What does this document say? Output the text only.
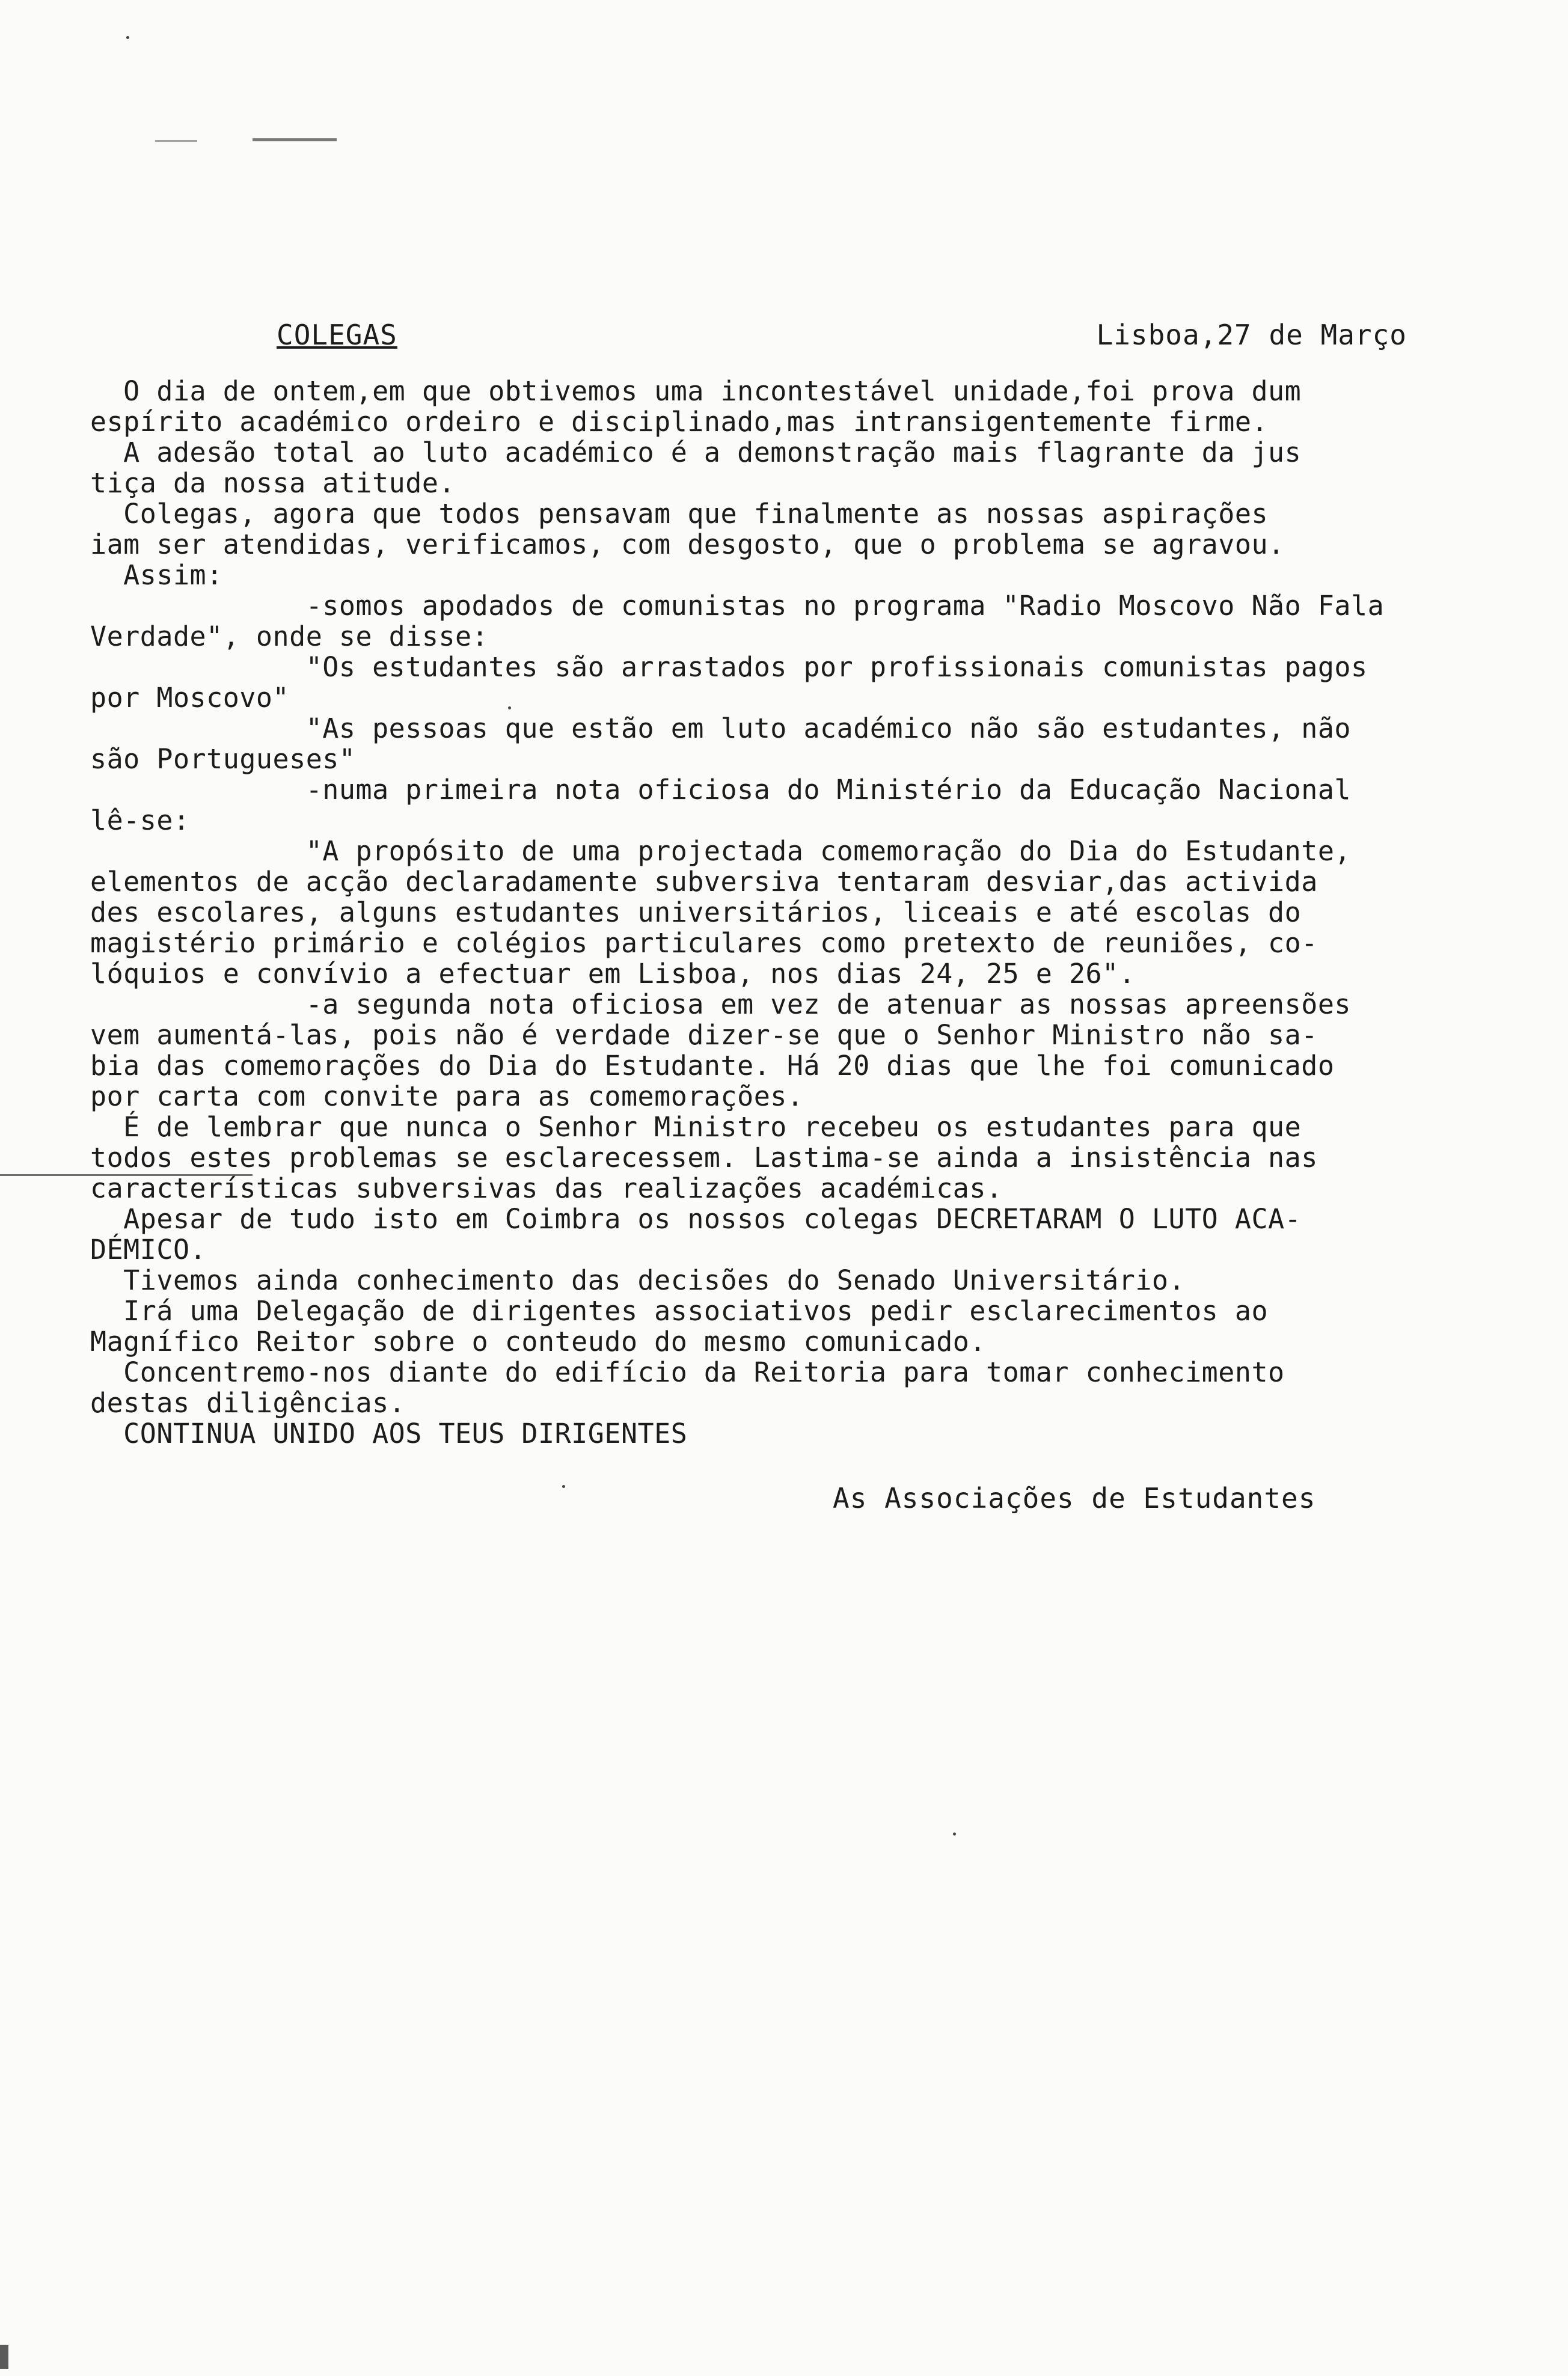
COLEGAS	Lisboa,27 de Março
O dia de ontem,em que obtivemos uma incontestável unidade,foi prova dum
espírito académico ordeiro e disciplinado,mas intransigentemente firme.
A adesão total ao luto académico é a demonstração mais flagrante da jus
tiça da nossa atitude.
Colegas, agora que todos pensavam que finalmente as nossas aspirações
iam ser atendidas, verificamos, com desgosto, que o problema se agravou.
Assim:
-somos apodados de comunistas no programa "Radio Moscovo Não Fala
Verdade", onde se disse:
"Os estudantes são arrastados por profissionais comunistas pagos
por Moscovo"
"As pessoas que estão em luto académico não são estudantes, não
são Portugueses"
-numa primeira nota oficiosa do Ministério da Educação Nacional
lê-se:
"A propósito de uma projectada comemoração do Dia do Estudante,
elementos de acção declaradamente subversiva tentaram desviar,das activida
des escolares, alguns estudantes universitários, liceais e até escolas do
magistério primário e colégios particulares como pretexto de reuniões, co-
lóquios e convívio a efectuar em Lisboa, nos dias 24, 25 e 26".
-a segunda nota oficiosa em vez de atenuar as nossas apreensões
vem aumentá-las, pois não é verdade dizer-se que o Senhor Ministro não sa-
bia das comemorações do Dia do Estudante. Há 20 dias que lhe foi comunicado
por carta com convite para as comemorações.
É de lembrar que nunca o Senhor Ministro recebeu os estudantes para que
todos estes problemas se esclarecessem. Lastima-se ainda a insistência nas
características subversivas das realizações académicas.
Apesar de tudo isto em Coimbra os nossos colegas DECRETARAM O LUTO ACA-
DÉMICO.
Tivemos ainda conhecimento das decisões do Senado Universitário.
Irá uma Delegação de dirigentes associativos pedir esclarecimentos ao
Magnífico Reitor sobre o conteudo do mesmo comunicado.
Concentremo-nos diante do edifício da Reitoria para tomar conhecimento
destas diligências.
CONTINUA UNIDO AOS TEUS DIRIGENTES
As Associações de Estudantes
